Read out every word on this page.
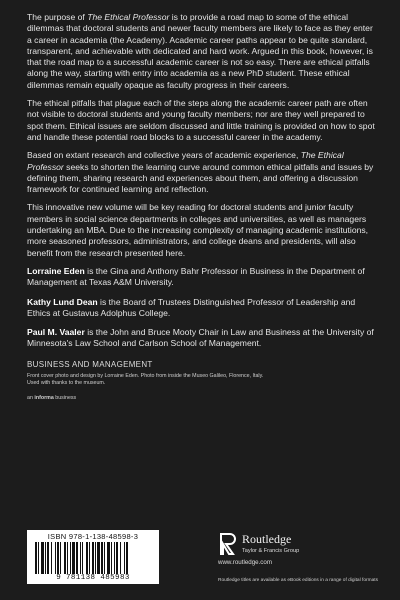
The purpose of The Ethical Professor is to provide a road map to some of the ethical dilemmas that doctoral students and newer faculty members are likely to face as they enter a career in academia (the Academy). Academic career paths appear to be quite standard, transparent, and achievable with dedicated and hard work. Argued in this book, however, is that the road map to a successful academic career is not so easy. There are ethical pitfalls along the way, starting with entry into academia as a new PhD student. These ethical dilemmas remain equally opaque as faculty progress in their careers.

The ethical pitfalls that plague each of the steps along the academic career path are often not visible to doctoral students and young faculty members; nor are they well prepared to spot them. Ethical issues are seldom discussed and little training is provided on how to spot and handle these potential road blocks to a successful career in the academy.

Based on extant research and collective years of academic experience, The Ethical Professor seeks to shorten the learning curve around common ethical pitfalls and issues by defining them, sharing research and experiences about them, and offering a discussion framework for continued learning and reflection.

This innovative new volume will be key reading for doctoral students and junior faculty members in social science departments in colleges and universities, as well as managers undertaking an MBA. Due to the increasing complexity of managing academic institutions, more seasoned professors, administrators, and college deans and presidents, will also benefit from the research presented here.

Lorraine Eden is the Gina and Anthony Bahr Professor in Business in the Department of Management at Texas A&M University.

Kathy Lund Dean is the Board of Trustees Distinguished Professor of Leadership and Ethics at Gustavus Adolphus College.

Paul M. Vaaler is the John and Bruce Mooty Chair in Law and Business at the University of Minnesota's Law School and Carlson School of Management.

BUSINESS AND MANAGEMENT

Front cover photo and design by Lorraine Eden. Photo from inside the Museo Galileo, Florence, Italy.

Used with thanks to the museum.

an informa business

ISBN 978-1-138-48598-3
9 781138 485983
Routledge
Taylor & Francis Group
www.routledge.com
Routledge titles are available as eBook editions in a range of digital formats
